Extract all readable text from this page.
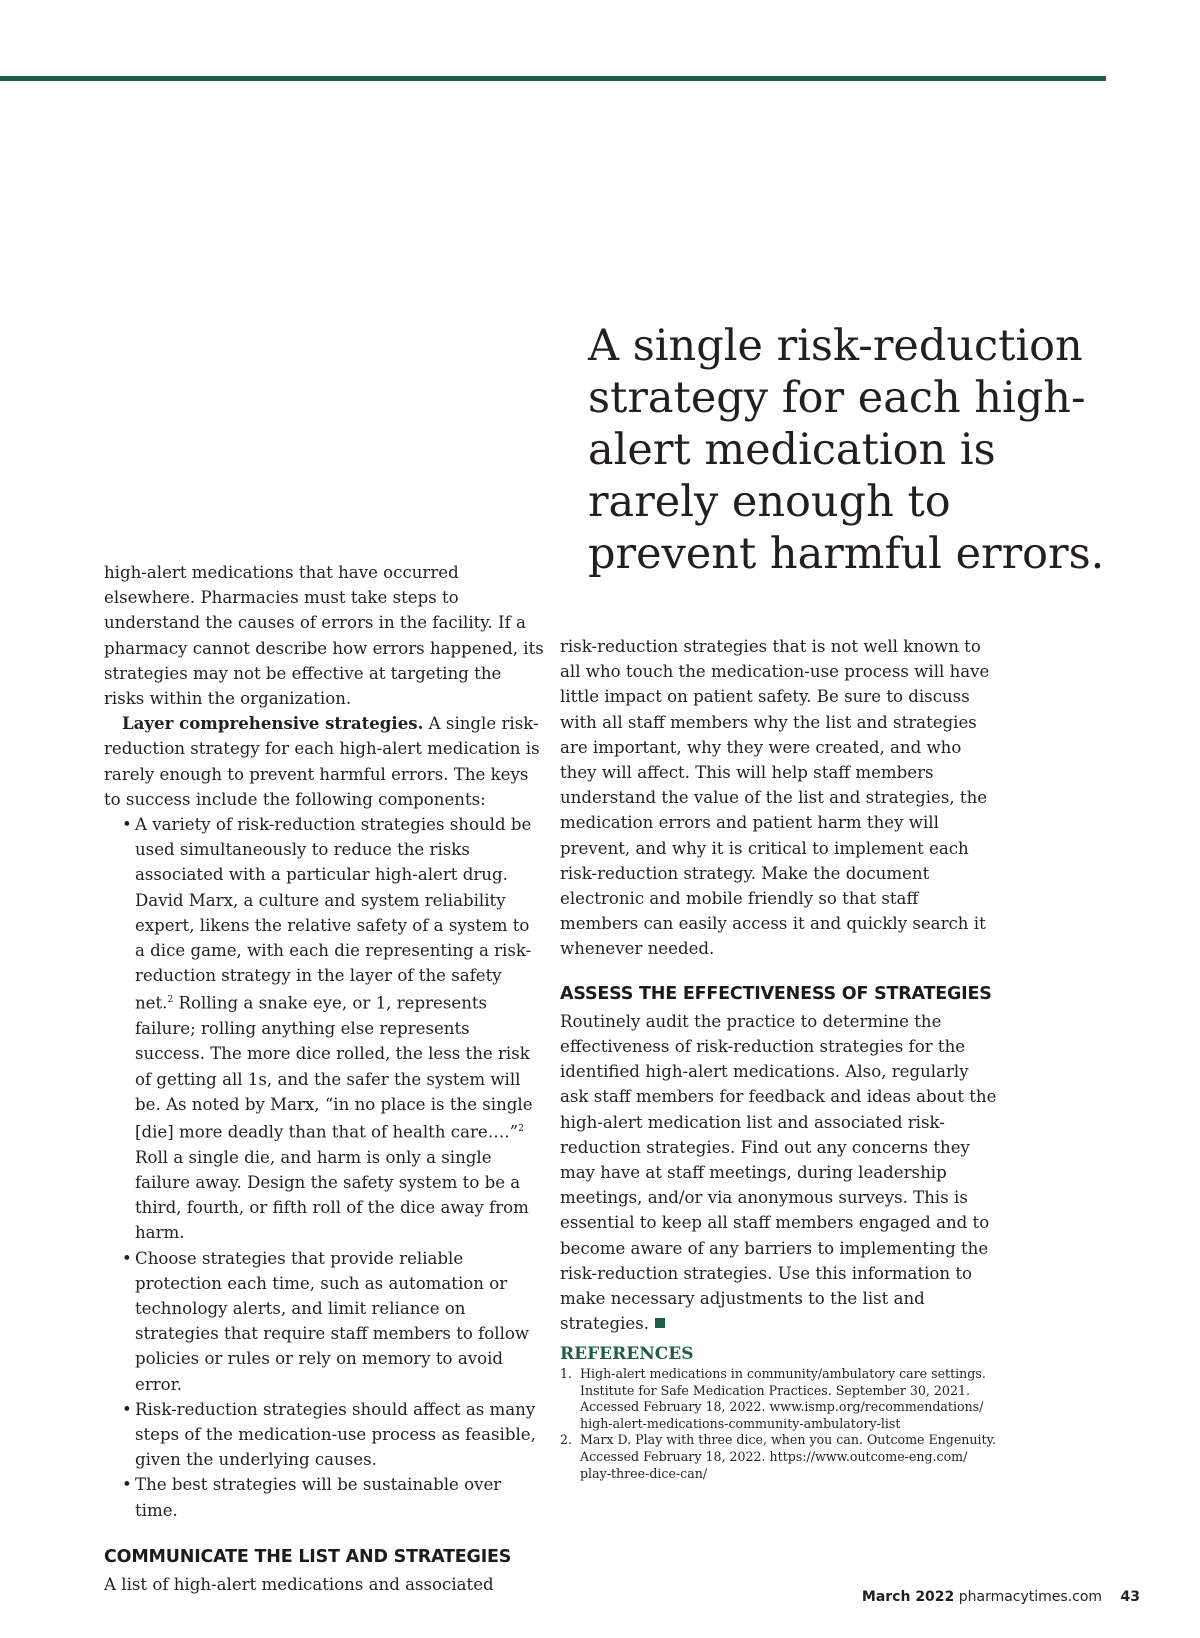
A single risk-reduction strategy for each high-alert medication is rarely enough to prevent harmful errors.

high-alert medications that have occurred elsewhere. Pharmacies must take steps to understand the causes of errors in the facility. If a pharmacy cannot describe how errors happened, its strategies may not be effective at targeting the risks within the organization.

Layer comprehensive strategies. A single risk-reduction strategy for each high-alert medication is rarely enough to prevent harmful errors. The keys to success include the following components:

• A variety of risk-reduction strategies should be used simultaneously to reduce the risks associated with a particular high-alert drug. David Marx, a culture and system reliability expert, likens the relative safety of a system to a dice game, with each die representing a risk-reduction strategy in the layer of the safety net.$^2$ Rolling a snake eye, or 1, represents failure; rolling anything else represents success. The more dice rolled, the less the risk of getting all 1s, and the safer the system will be. As noted by Marx, “in no place is the single [die] more deadly than that of health care….”$^2$ Roll a single die, and harm is only a single failure away. Design the safety system to be a third, fourth, or fifth roll of the dice away from harm.
• Choose strategies that provide reliable protection each time, such as automation or technology alerts, and limit reliance on strategies that require staff members to follow policies or rules or rely on memory to avoid error.
• Risk-reduction strategies should affect as many steps of the medication-use process as feasible, given the underlying causes.
• The best strategies will be sustainable over time.
COMMUNICATE THE LIST AND STRATEGIES

A list of high-alert medications and associated

risk-reduction strategies that is not well known to all who touch the medication-use process will have little impact on patient safety. Be sure to discuss with all staff members why the list and strategies are important, why they were created, and who they will affect. This will help staff members understand the value of the list and strategies, the medication errors and patient harm they will prevent, and why it is critical to implement each risk-reduction strategy. Make the document electronic and mobile friendly so that staff members can easily access it and quickly search it whenever needed.

ASSESS THE EFFECTIVENESS OF STRATEGIES

Routinely audit the practice to determine the effectiveness of risk-reduction strategies for the identified high-alert medications. Also, regularly ask staff members for feedback and ideas about the high-alert medication list and associated risk-reduction strategies. Find out any concerns they may have at staff meetings, during leadership meetings, and/or via anonymous surveys. This is essential to keep all staff members engaged and to become aware of any barriers to implementing the risk-reduction strategies. Use this information to make necessary adjustments to the list and strategies.

REFERENCES
1. High-alert medications in community/ambulatory care settings.
Institute for Safe Medication Practices. September 30, 2021.
Accessed February 18, 2022. www.ismp.org/recommendations/
high-alert-medications-community-ambulatory-list
2. Marx D. Play with three dice, when you can. Outcome Engenuity.
Accessed February 18, 2022. https://www.outcome-eng.com/
play-three-dice-can/
March 2022 pharmacytimes.com 43
